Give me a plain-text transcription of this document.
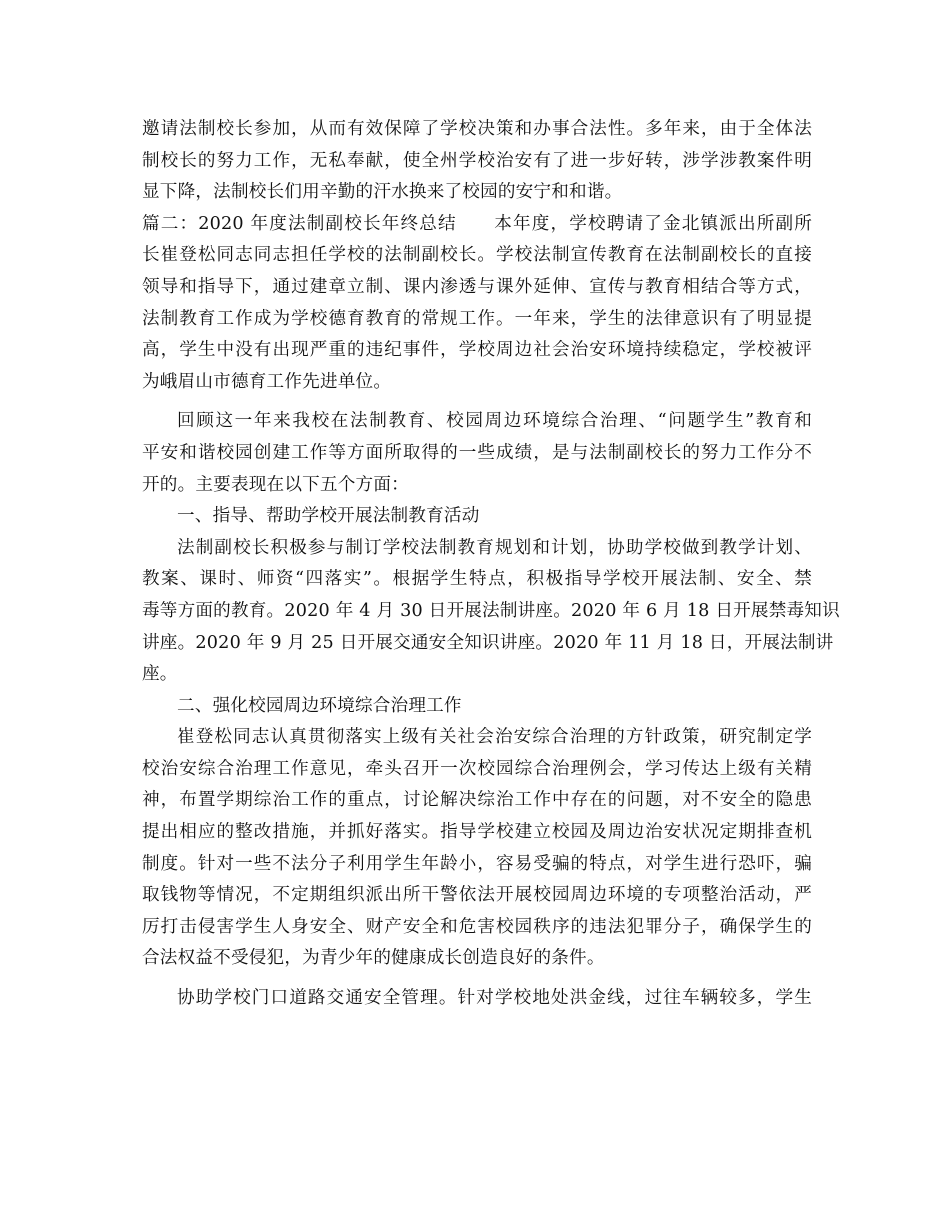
邀请法制校长参加，从而有效保障了学校决策和办事合法性。多年来，由于全体法
制校长的努力工作，无私奉献，使全州学校治安有了进一步好转，涉学涉教案件明
显下降，法制校长们用辛勤的汗水换来了校园的安宁和和谐。
篇二：2020 年度法制副校长年终总结　　本年度，学校聘请了金北镇派出所副所
长崔登松同志同志担任学校的法制副校长。学校法制宣传教育在法制副校长的直接
领导和指导下，通过建章立制、课内渗透与课外延伸、宣传与教育相结合等方式，
法制教育工作成为学校德育教育的常规工作。一年来，学生的法律意识有了明显提
高，学生中没有出现严重的违纪事件，学校周边社会治安环境持续稳定，学校被评
为峨眉山市德育工作先进单位。
回顾这一年来我校在法制教育、校园周边环境综合治理、“问题学生”教育和
平安和谐校园创建工作等方面所取得的一些成绩，是与法制副校长的努力工作分不
开的。主要表现在以下五个方面：
一、指导、帮助学校开展法制教育活动
法制副校长积极参与制订学校法制教育规划和计划，协助学校做到教学计划、
教案、课时、师资“四落实”。根据学生特点，积极指导学校开展法制、安全、禁
毒等方面的教育。2020 年 4 月 30 日开展法制讲座。2020 年 6 月 18 日开展禁毒知识
讲座。2020 年 9 月 25 日开展交通安全知识讲座。2020 年 11 月 18 日，开展法制讲
座。
二、强化校园周边环境综合治理工作
崔登松同志认真贯彻落实上级有关社会治安综合治理的方针政策，研究制定学
校治安综合治理工作意见，牵头召开一次校园综合治理例会，学习传达上级有关精
神，布置学期综治工作的重点，讨论解决综治工作中存在的问题，对不安全的隐患
提出相应的整改措施，并抓好落实。指导学校建立校园及周边治安状况定期排查机
制度。针对一些不法分子利用学生年龄小，容易受骗的特点，对学生进行恐吓，骗
取钱物等情况，不定期组织派出所干警依法开展校园周边环境的专项整治活动，严
厉打击侵害学生人身安全、财产安全和危害校园秩序的违法犯罪分子，确保学生的
合法权益不受侵犯，为青少年的健康成长创造良好的条件。
协助学校门口道路交通安全管理。针对学校地处洪金线，过往车辆较多，学生
